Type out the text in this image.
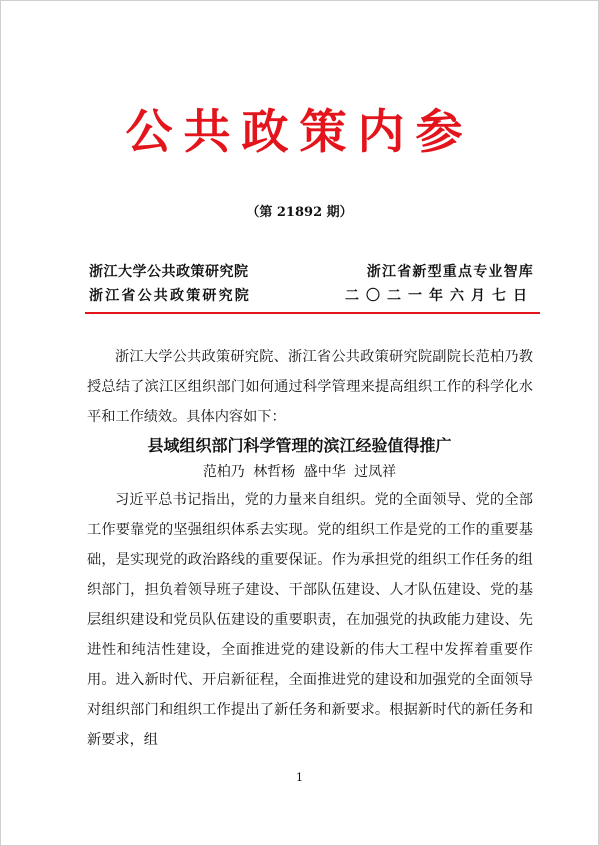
公共政策内参
（第 21892 期）
浙江大学公共政策研究院	浙江省新型重点专业智库
浙江省公共政策研究院	二〇二一年六月七日

浙江大学公共政策研究院、浙江省公共政策研究院副院长范柏乃教授总结了滨江区组织部门如何通过科学管理来提高组织工作的科学化水平和工作绩效。具体内容如下：

县域组织部门科学管理的滨江经验值得推广
范柏乃 林哲杨 盛中华 过凤祥

习近平总书记指出，党的力量来自组织。党的全面领导、党的全部工作要靠党的坚强组织体系去实现。党的组织工作是党的工作的重要基础，是实现党的政治路线的重要保证。作为承担党的组织工作任务的组织部门，担负着领导班子建设、干部队伍建设、人才队伍建设、党的基层组织建设和党员队伍建设的重要职责，在加强党的执政能力建设、先进性和纯洁性建设，全面推进党的建设新的伟大工程中发挥着重要作用。进入新时代、开启新征程，全面推进党的建设和加强党的全面领导对组织部门和组织工作提出了新任务和新要求。根据新时代的新任务和新要求，组

1
